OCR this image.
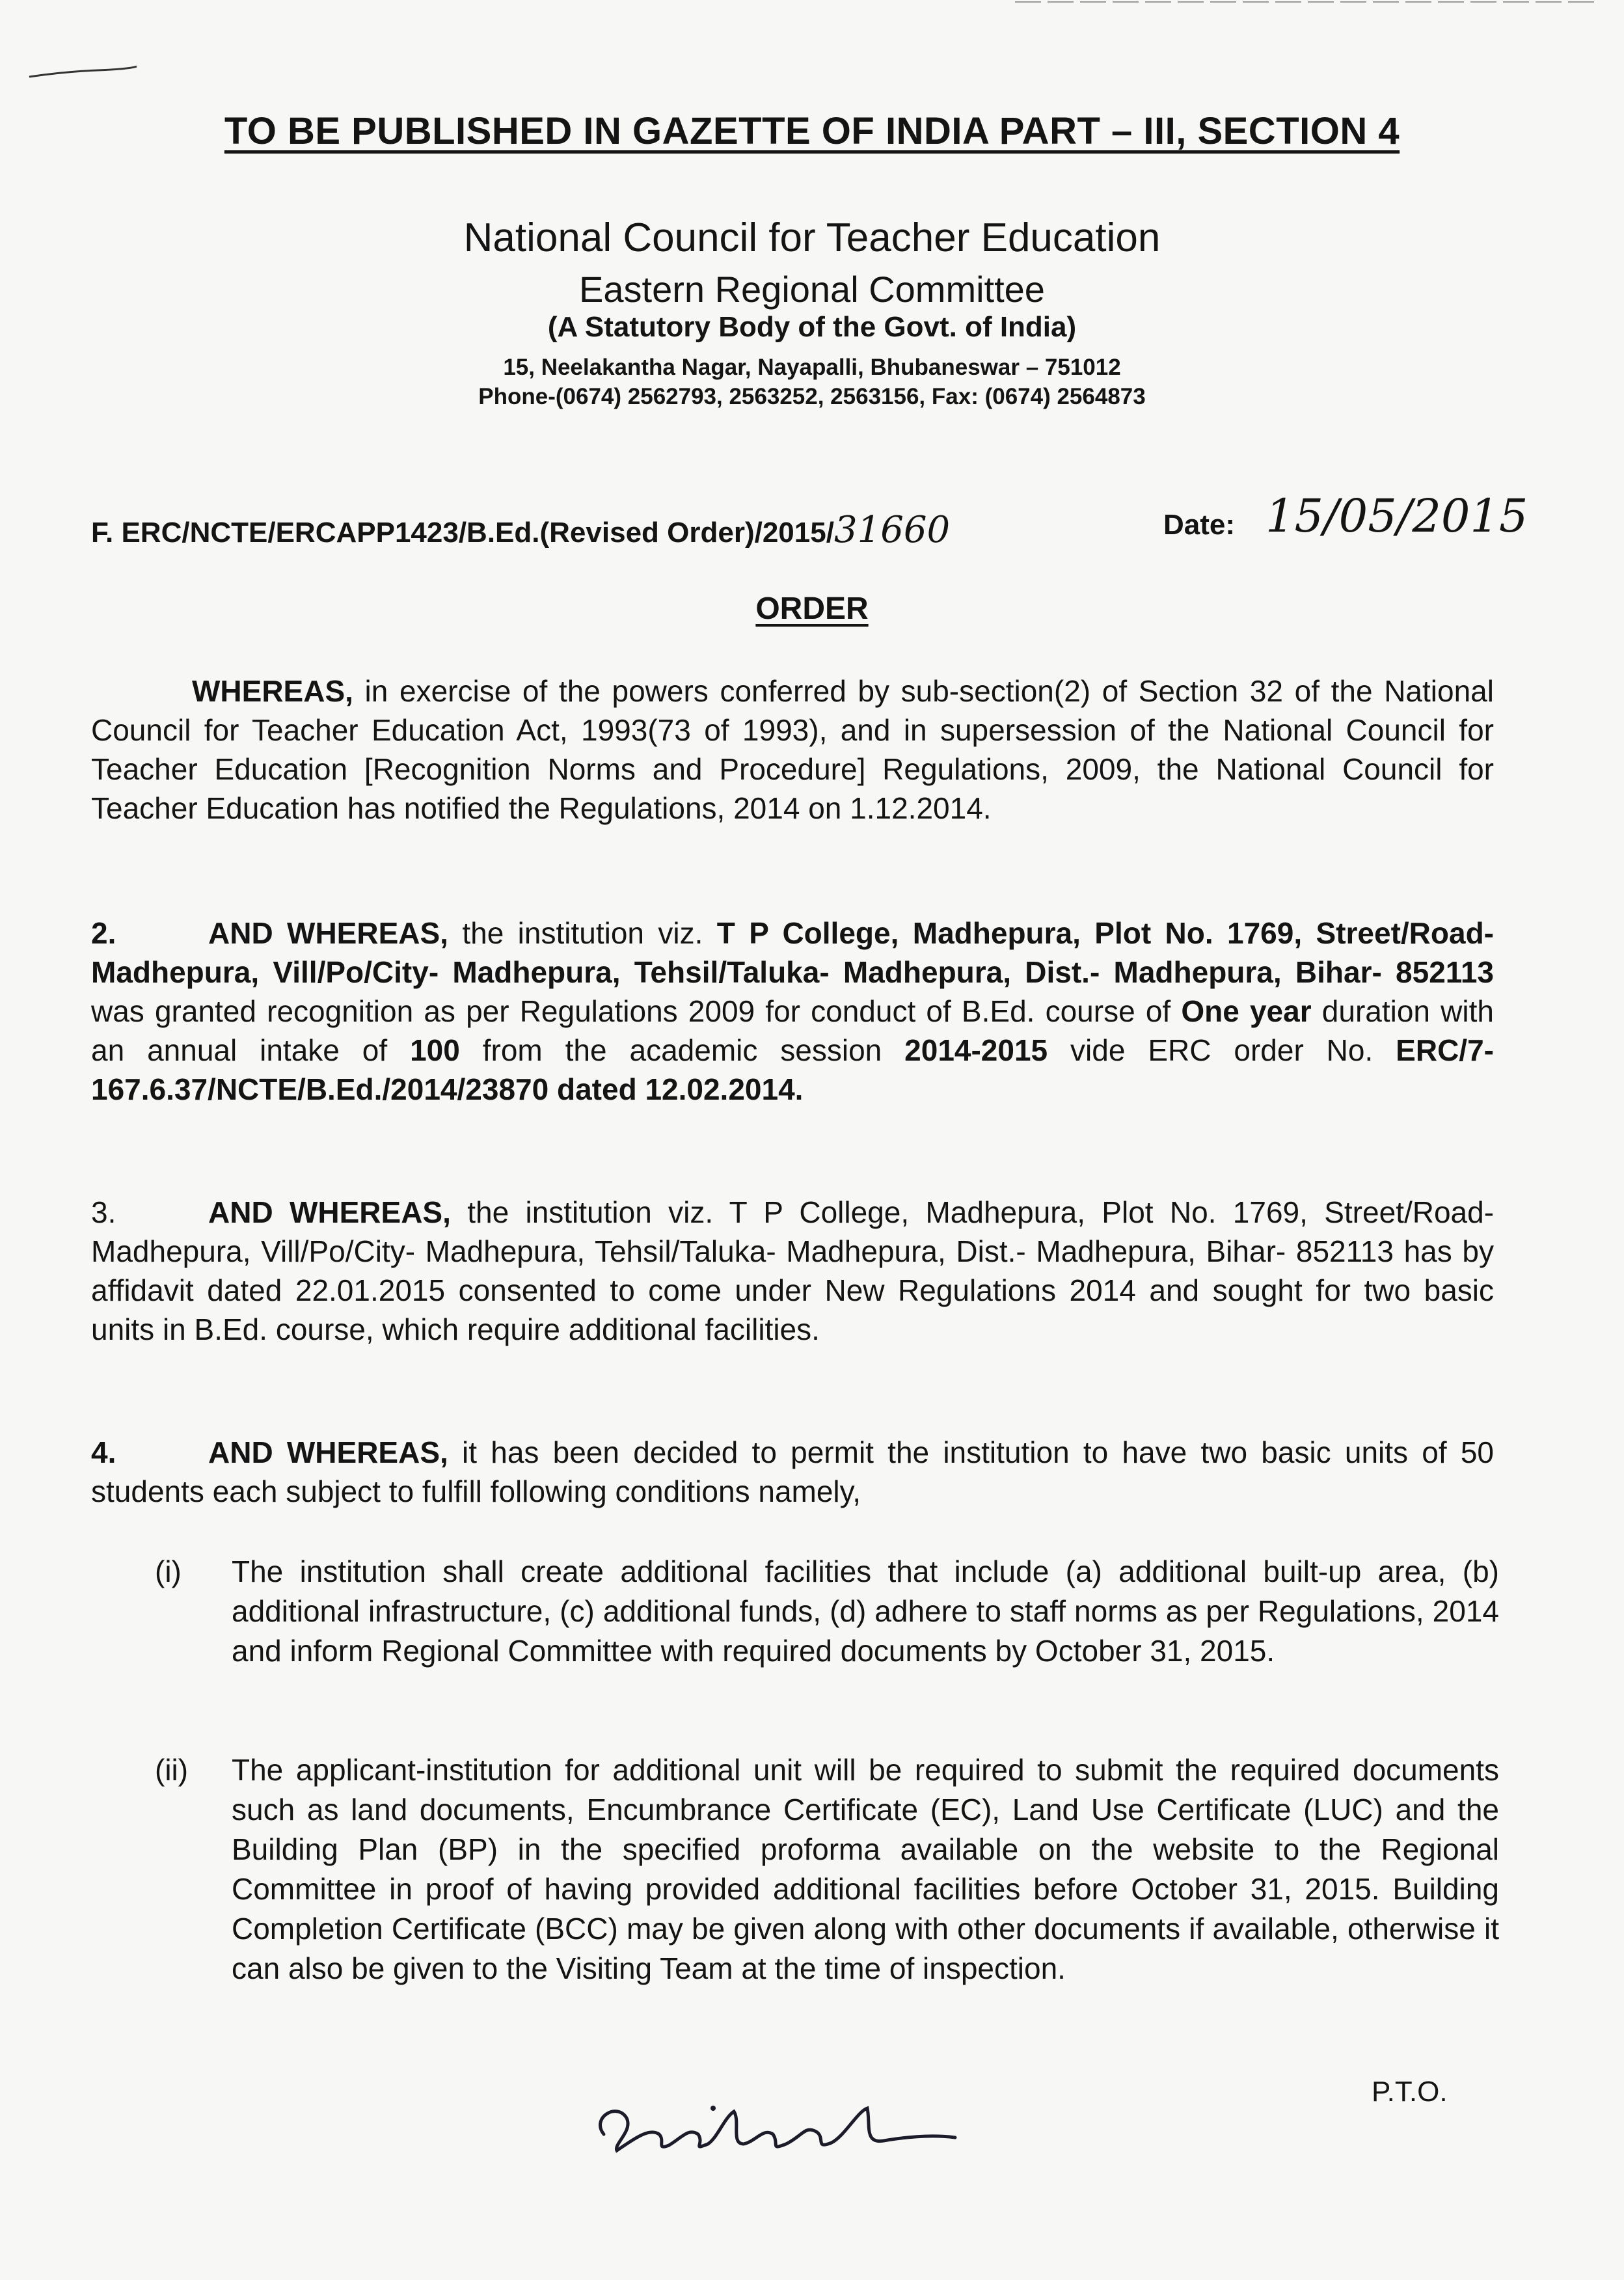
TO BE PUBLISHED IN GAZETTE OF INDIA PART – III, SECTION 4
National Council for Teacher Education
Eastern Regional Committee
(A Statutory Body of the Govt. of India)
15, Neelakantha Nagar, Nayapalli, Bhubaneswar – 751012
Phone-(0674) 2562793, 2563252, 2563156, Fax: (0674) 2564873
F. ERC/NCTE/ERCAPP1423/B.Ed.(Revised Order)/2015/31660	Date: 15/05/2015
ORDER

WHEREAS, in exercise of the powers conferred by sub-section(2) of Section 32 of the National Council for Teacher Education Act, 1993(73 of 1993), and in supersession of the National Council for Teacher Education [Recognition Norms and Procedure] Regulations, 2009, the National Council for Teacher Education has notified the Regulations, 2014 on 1.12.2014.

2.	AND WHEREAS, the institution viz. T P College, Madhepura, Plot No. 1769, Street/Road- Madhepura, Vill/Po/City- Madhepura, Tehsil/Taluka- Madhepura, Dist.- Madhepura, Bihar- 852113 was granted recognition as per Regulations 2009 for conduct of B.Ed. course of One year duration with an annual intake of 100 from the academic session 2014-2015 vide ERC order No. ERC/7-167.6.37/NCTE/B.Ed./2014/23870 dated 12.02.2014.

3.	AND WHEREAS, the institution viz. T P College, Madhepura, Plot No. 1769, Street/Road- Madhepura, Vill/Po/City- Madhepura, Tehsil/Taluka- Madhepura, Dist.- Madhepura, Bihar- 852113 has by affidavit dated 22.01.2015 consented to come under New Regulations 2014 and sought for two basic units in B.Ed. course, which require additional facilities.

4.	AND WHEREAS, it has been decided to permit the institution to have two basic units of 50 students each subject to fulfill following conditions namely,

(i)	The institution shall create additional facilities that include (a) additional built-up area, (b) additional infrastructure, (c) additional funds, (d) adhere to staff norms as per Regulations, 2014 and inform Regional Committee with required documents by October 31, 2015.
(ii)	The applicant-institution for additional unit will be required to submit the required documents such as land documents, Encumbrance Certificate (EC), Land Use Certificate (LUC) and the Building Plan (BP) in the specified proforma available on the website to the Regional Committee in proof of having provided additional facilities before October 31, 2015. Building Completion Certificate (BCC) may be given along with other documents if available, otherwise it can also be given to the Visiting Team at the time of inspection.
P.T.O.
